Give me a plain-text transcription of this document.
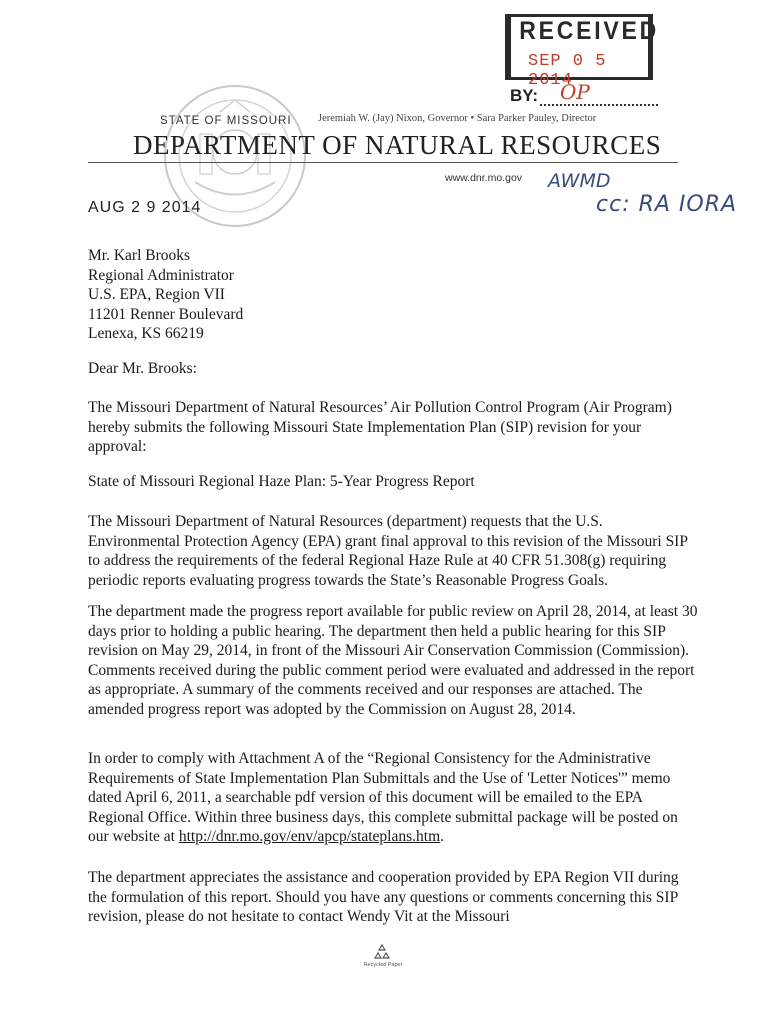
RECEIVED
SEP 0 5 2014
BY: OP
STATE OF MISSOURI	Jeremiah W. (Jay) Nixon, Governor • Sara Parker Pauley, Director
DEPARTMENT OF NATURAL RESOURCES
www.dnr.mo.gov AWMD
cc: RA IORA
AUG 2 9 2014
Mr. Karl Brooks
Regional Administrator
U.S. EPA, Region VII
11201 Renner Boulevard
Lenexa, KS 66219
Dear Mr. Brooks:
The Missouri Department of Natural Resources’ Air Pollution Control Program (Air Program) hereby submits the following Missouri State Implementation Plan (SIP) revision for your approval:
State of Missouri Regional Haze Plan: 5-Year Progress Report
The Missouri Department of Natural Resources (department) requests that the U.S. Environmental Protection Agency (EPA) grant final approval to this revision of the Missouri SIP to address the requirements of the federal Regional Haze Rule at 40 CFR 51.308(g) requiring periodic reports evaluating progress towards the State’s Reasonable Progress Goals.
The department made the progress report available for public review on April 28, 2014, at least 30 days prior to holding a public hearing. The department then held a public hearing for this SIP revision on May 29, 2014, in front of the Missouri Air Conservation Commission (Commission). Comments received during the public comment period were evaluated and addressed in the report as appropriate. A summary of the comments received and our responses are attached. The amended progress report was adopted by the Commission on August 28, 2014.
In order to comply with Attachment A of the “Regional Consistency for the Administrative Requirements of State Implementation Plan Submittals and the Use of 'Letter Notices'” memo dated April 6, 2011, a searchable pdf version of this document will be emailed to the EPA Regional Office. Within three business days, this complete submittal package will be posted on our website at http://dnr.mo.gov/env/apcp/stateplans.htm.
The department appreciates the assistance and cooperation provided by EPA Region VII during the formulation of this report. Should you have any questions or comments concerning this SIP revision, please do not hesitate to contact Wendy Vit at the Missouri
Recycled Paper
